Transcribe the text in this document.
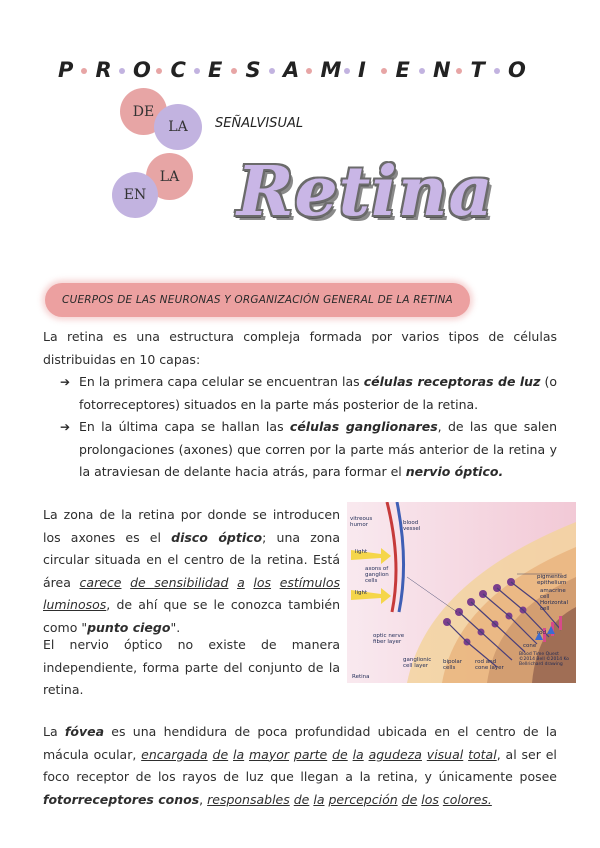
P R O C E S A M I E N T O
SEÑALVISUAL
DE
LA
LA
EN Retina
CUERPOS DE LAS NEURONAS Y ORGANIZACIÓN GENERAL DE LA RETINA

La retina es una estructura compleja formada por varios tipos de células distribuidas en 10 capas:

➔ En la primera capa celular se encuentran las células receptoras de luz (o fotorreceptores) situados en la parte más posterior de la retina.
➔ En la última capa se hallan las células ganglionares, de las que salen prolongaciones (axones) que corren por la parte más anterior de la retina y la atraviesan de delante hacia atrás, para formar el nervio óptico.

La zona de la retina por donde se introducen los axones es el disco óptico; una zona circular situada en el centro de la retina. Está área carece de sensibilidad a los estímulos luminosos, de ahí que se le conozca también como "punto ciego".

El nervio óptico no existe de manera independiente, forma parte del conjunto de la retina.

vitreous humor	blood vessel
light
axons of ganglion cells
light
pigmented epithelium
amacrine cell
Horizontal cell
optic nerve fiber layer
rod
cone
ganglionic cell layer
bipolar cells
rod and cone layer
Retina
Blood Time Quest ©2014 Bell ©2014 Ko Bellrichard drawing

La fóvea es una hendidura de poca profundidad ubicada en el centro de la mácula ocular, encargada de la mayor parte de la agudeza visual total, al ser el foco receptor de los rayos de luz que llegan a la retina, y únicamente posee fotorreceptores conos, responsables de la percepción de los colores.
